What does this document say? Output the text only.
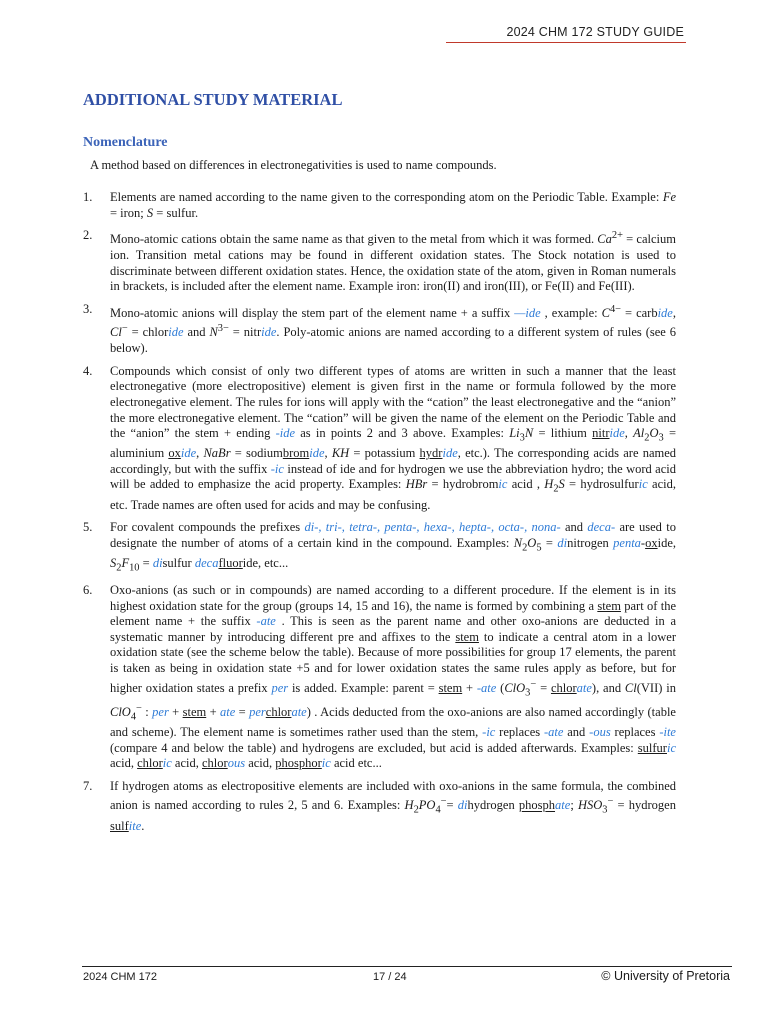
2024 CHM 172 STUDY GUIDE
ADDITIONAL STUDY MATERIAL
Nomenclature

A method based on differences in electronegativities is used to name compounds.

1.	Elements are named according to the name given to the corresponding atom on the Periodic Table. Example: Fe = iron; S = sulfur.
2.	Mono-atomic cations obtain the same name as that given to the metal from which it was formed. $Ca^{2+}$ = calcium ion. Transition metal cations may be found in different oxidation states. The Stock notation is used to discriminate between different oxidation states. Hence, the oxidation state of the atom, given in Roman numerals in brackets, is included after the element name. Example iron: iron(II) and iron(III), or Fe(II) and Fe(III).
3.	Mono-atomic anions will display the stem part of the element name + a suffix —ide , example: $C^{4-}$ = carbide, Cl− = chloride and $N^{3-}$ = nitride. Poly-atomic anions are named according to a different system of rules (see 6 below).
4.	Compounds which consist of only two different types of atoms are written in such a manner that the least electronegative (more electropositive) element is given first in the name or formula followed by the more electronegative element. The rules for ions will apply with the “cation” the least electronegative and the “anion” the more electronegative element. The “cation” will be given the name of the element on the Periodic Table and the “anion” the stem + ending -ide as in points 2 and 3 above. Examples: $Li_3N$ = lithium nitride, $Al_2O_3$ = aluminium oxide, NaBr = sodiumbromide, KH = potassium hydride, etc.). The corresponding acids are named accordingly, but with the suffix -ic instead of ide and for hydrogen we use the abbreviation hydro; the word acid will be added to emphasize the acid property. Examples: HBr = hydrobromic acid , $H_2S$ = hydrosulfuric acid, etc. Trade names are often used for acids and may be confusing.
5.	For covalent compounds the prefixes di-, tri-, tetra-, penta-, hexa-, hepta-, octa-, nona- and deca- are used to designate the number of atoms of a certain kind in the compound. Examples: $N_2O_5$ = dinitrogen penta-oxide, $S_2F_{10}$ = disulfur decafluoride, etc...
6.	Oxo-anions (as such or in compounds) are named according to a different procedure. If the element is in its highest oxidation state for the group (groups 14, 15 and 16), the name is formed by combining a stem part of the element name + the suffix -ate . This is seen as the parent name and other oxo-anions are deducted in a systematic manner by introducing different pre and affixes to the stem to indicate a central atom in a lower oxidation state (see the scheme below the table). Because of more possibilities for group 17 elements, the parent is taken as being in oxidation state +5 and for lower oxidation states the same rules apply as before, but for higher oxidation states a prefix per is added. Example: parent = stem + -ate (ClO$_3$− = chlorate), and Cl(VII) in ClO$_4$− : per + stem + ate = perchlorate) . Acids deducted from the oxo-anions are also named accordingly (table and scheme). The element name is sometimes rather used than the stem, -ic replaces -ate and -ous replaces -ite (compare 4 and below the table) and hydrogens are excluded, but acid is added afterwards. Examples: sulfuric acid, chloric acid, chlorous acid, phosphoric acid etc...
7.	If hydrogen atoms as electropositive elements are included with oxo-anions in the same formula, the combined anion is named according to rules 2, 5 and 6. Examples: $H_2PO_4^-=$ dihydrogen phosphate; $HSO_3^-$ = hydrogen sulfite.
2024 CHM 172	17 / 24	© University of Pretoria
